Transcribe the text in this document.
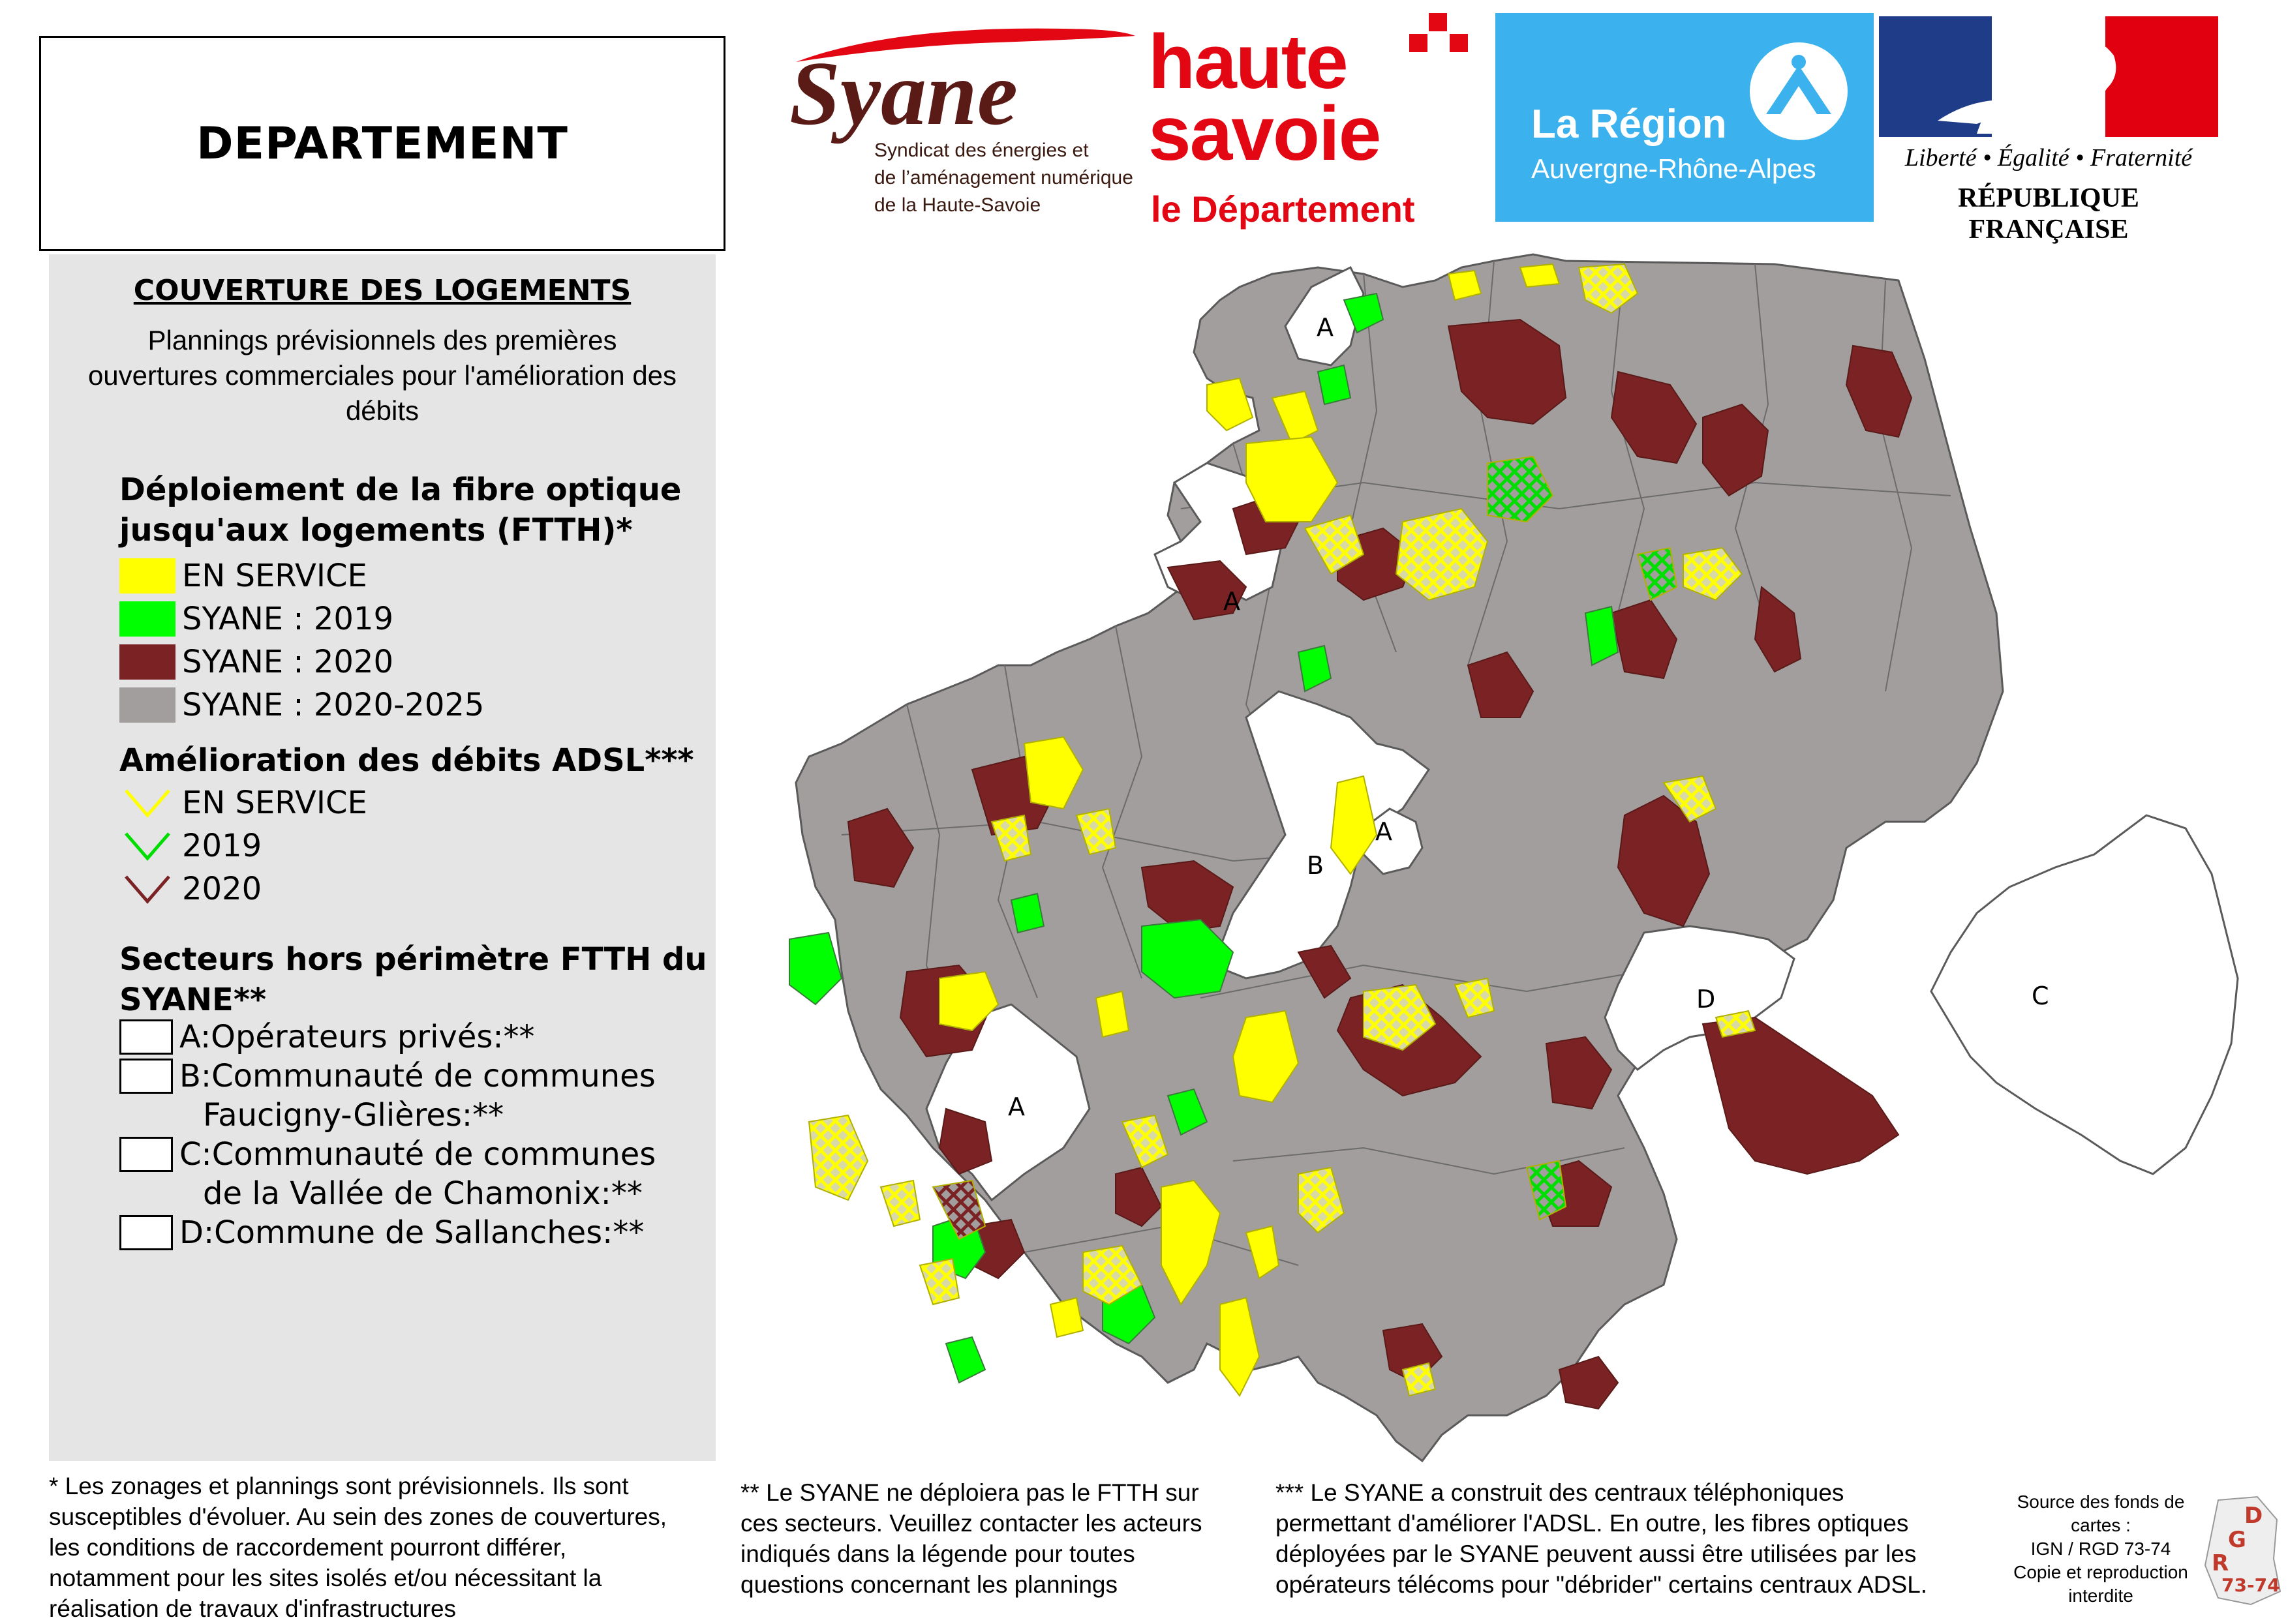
DEPARTEMENT Syane
Syndicat des énergies et
de l’aménagement numérique
de la Haute-Savoie
haute
savoie
le Département
La Région
Auvergne-Rhône-Alpes	Liberté • Égalité • Fraternité
RÉPUBLIQUE FRANÇAISE
COUVERTURE DES LOGEMENTS
Plannings prévisionnels des premières
ouvertures commerciales pour l'amélioration des
débits
Déploiement de la fibre optique
jusqu'aux logements (FTTH)*
EN SERVICE
SYANE : 2019
SYANE : 2020
SYANE : 2020-2025
Amélioration des débits ADSL***
EN SERVICE
2019
2020
Secteurs hors périmètre FTTH du
SYANE**
A:Opérateurs privés:**
B:Communauté de communes
Faucigny-Glières:**
C:Communauté de communes
de la Vallée de Chamonix:**
D:Commune de Sallanches:**
A
A
A
A
B
C
D
* Les zonages et plannings sont prévisionnels. Ils sont
susceptibles d'évoluer. Au sein des zones de couvertures,
les conditions de raccordement pourront différer,
notamment pour les sites isolés et/ou nécessitant la
réalisation de travaux d'infrastructures
** Le SYANE ne déploiera pas le FTTH sur
ces secteurs. Veuillez contacter les acteurs
indiqués dans la légende pour toutes
questions concernant les plannings
*** Le SYANE a construit des centraux téléphoniques
permettant d'améliorer l'ADSL. En outre, les fibres optiques
déployées par le SYANE peuvent aussi être utilisées par les
opérateurs télécoms pour "débrider" certains centraux ADSL.
Source des fonds de
cartes :
IGN / RGD 73-74
Copie et reproduction
interdite
D
G
R
73-74
